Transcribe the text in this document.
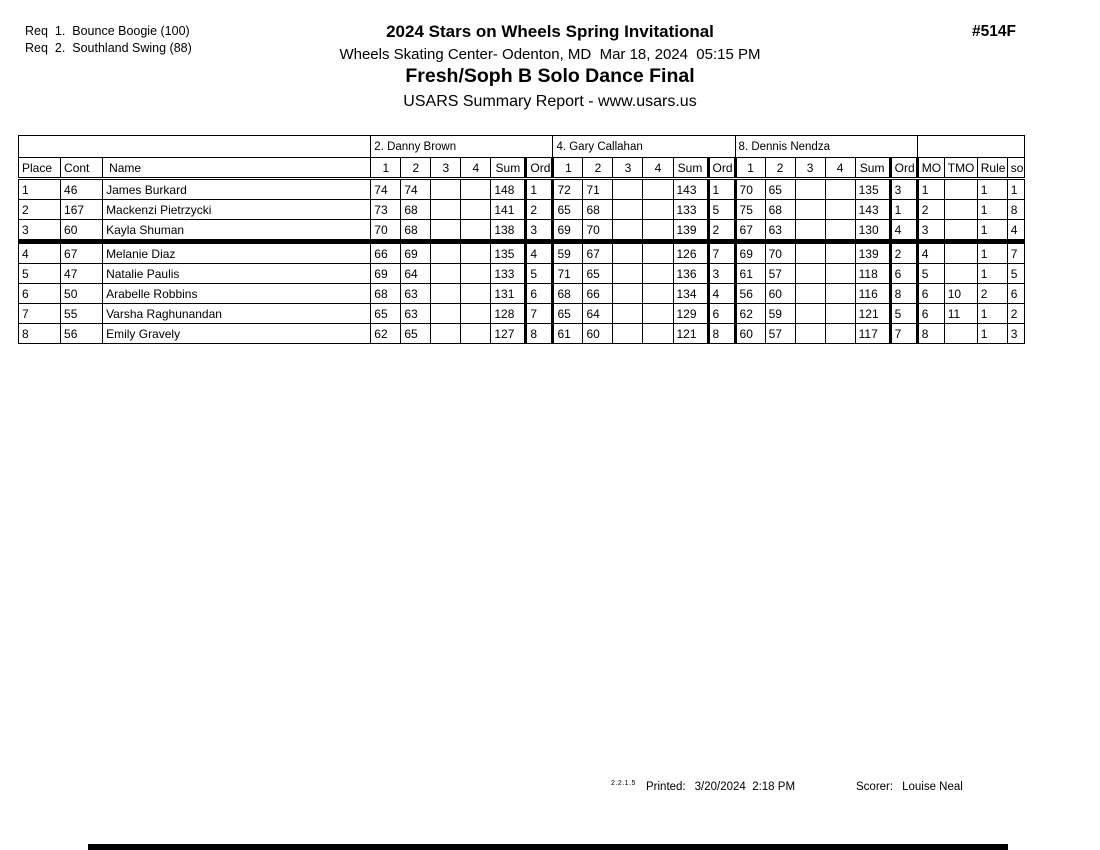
Req  1.  Bounce Boogie (100)
Req  2.  Southland Swing (88)
2024 Stars on Wheels Spring Invitational
Wheels Skating Center- Odenton, MD  Mar 18, 2024  05:15 PM
Fresh/Soph B Solo Dance Final
USARS Summary Report - www.usars.us
#514F
			2. Danny Brown						4. Gary Callahan						8. Dennis Nendza									
Place	Cont	Name	1	2	3	4	Sum	Ord	1	2	3	4	Sum	Ord	1	2	3	4	Sum	Ord	MO	TMO	Rule	so
1	46	James Burkard	74	74			148	1	72	71			143	1	70	65			135	3	1		1	1
2	167	Mackenzi Pietrzycki	73	68			141	2	65	68			133	5	75	68			143	1	2		1	8
3	60	Kayla Shuman	70	68			138	3	69	70			139	2	67	63			130	4	3		1	4
4	67	Melanie Diaz	66	69			135	4	59	67			126	7	69	70			139	2	4		1	7
5	47	Natalie Paulis	69	64			133	5	71	65			136	3	61	57			118	6	5		1	5
6	50	Arabelle Robbins	68	63			131	6	68	66			134	4	56	60			116	8	6	10	2	6
7	55	Varsha Raghunandan	65	63			128	7	65	64			129	6	62	59			121	5	6	11	1	2
8	56	Emily Gravely	62	65			127	8	61	60			121	8	60	57			117	7	8		1	3
2.2.1.5 Printed: 3/20/2024  2:18 PM	Scorer: Louise Neal
